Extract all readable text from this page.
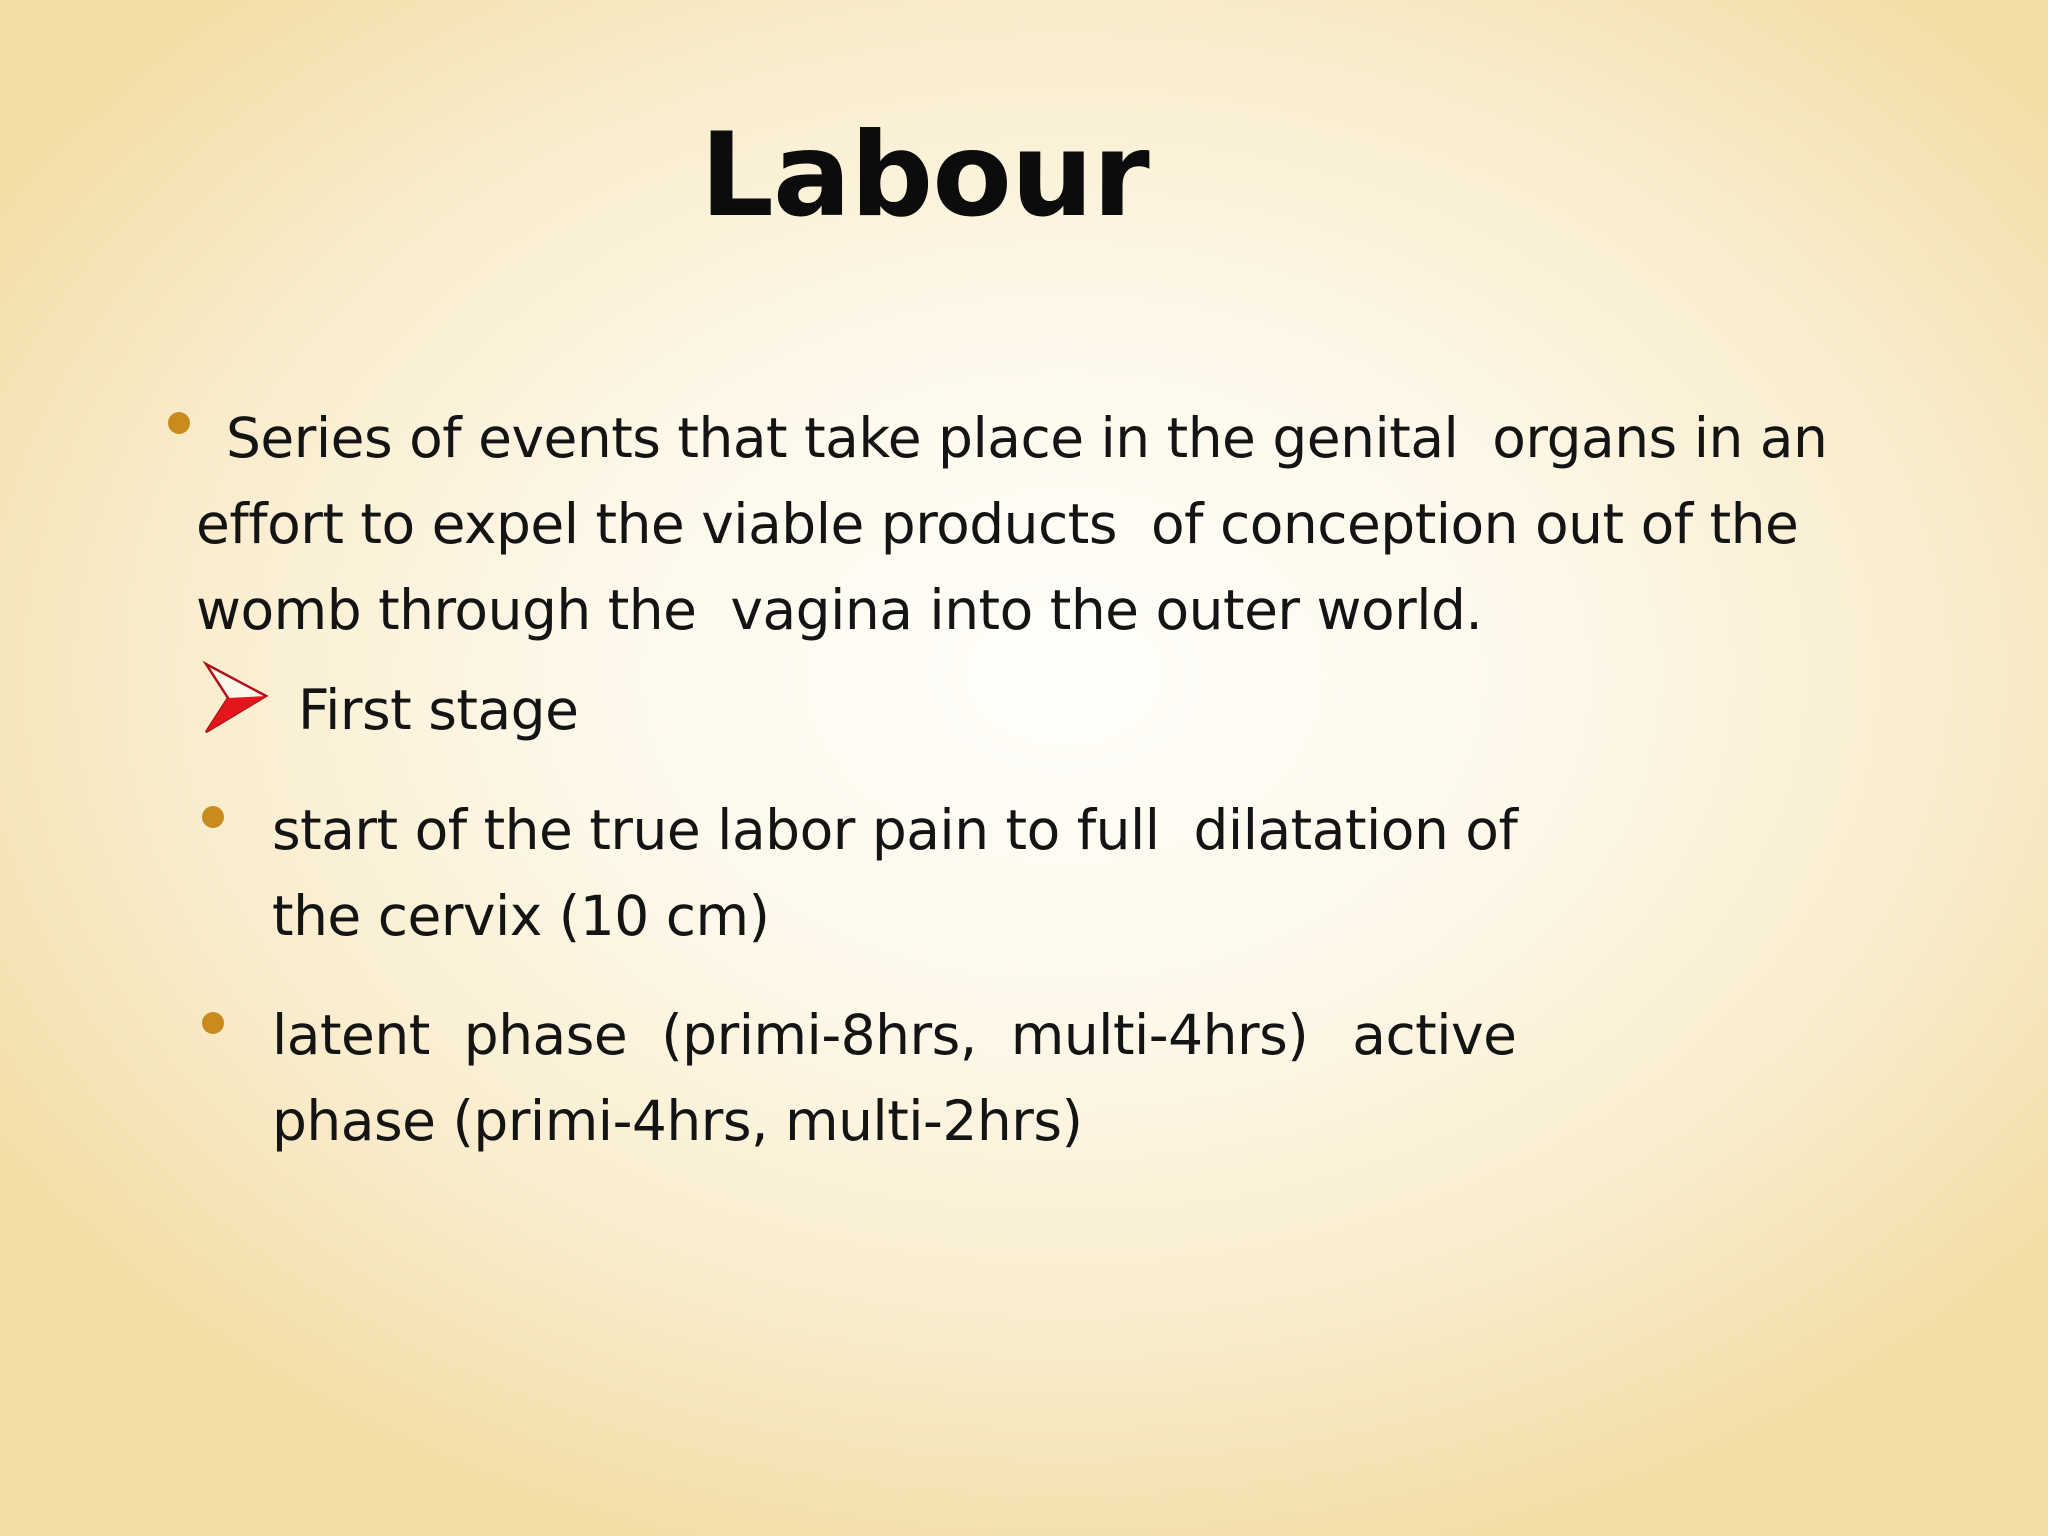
Labour
Series of events that take place in the genital  organs in an
effort to expel the viable products  of conception out of the
womb through the  vagina into the outer world.
First stage
start of the true labor pain to full  dilatation of
the cervix (10 cm)
latent  phase  (primi-8hrs,  multi-4hrs) active
phase (primi-4hrs, multi-2hrs)
